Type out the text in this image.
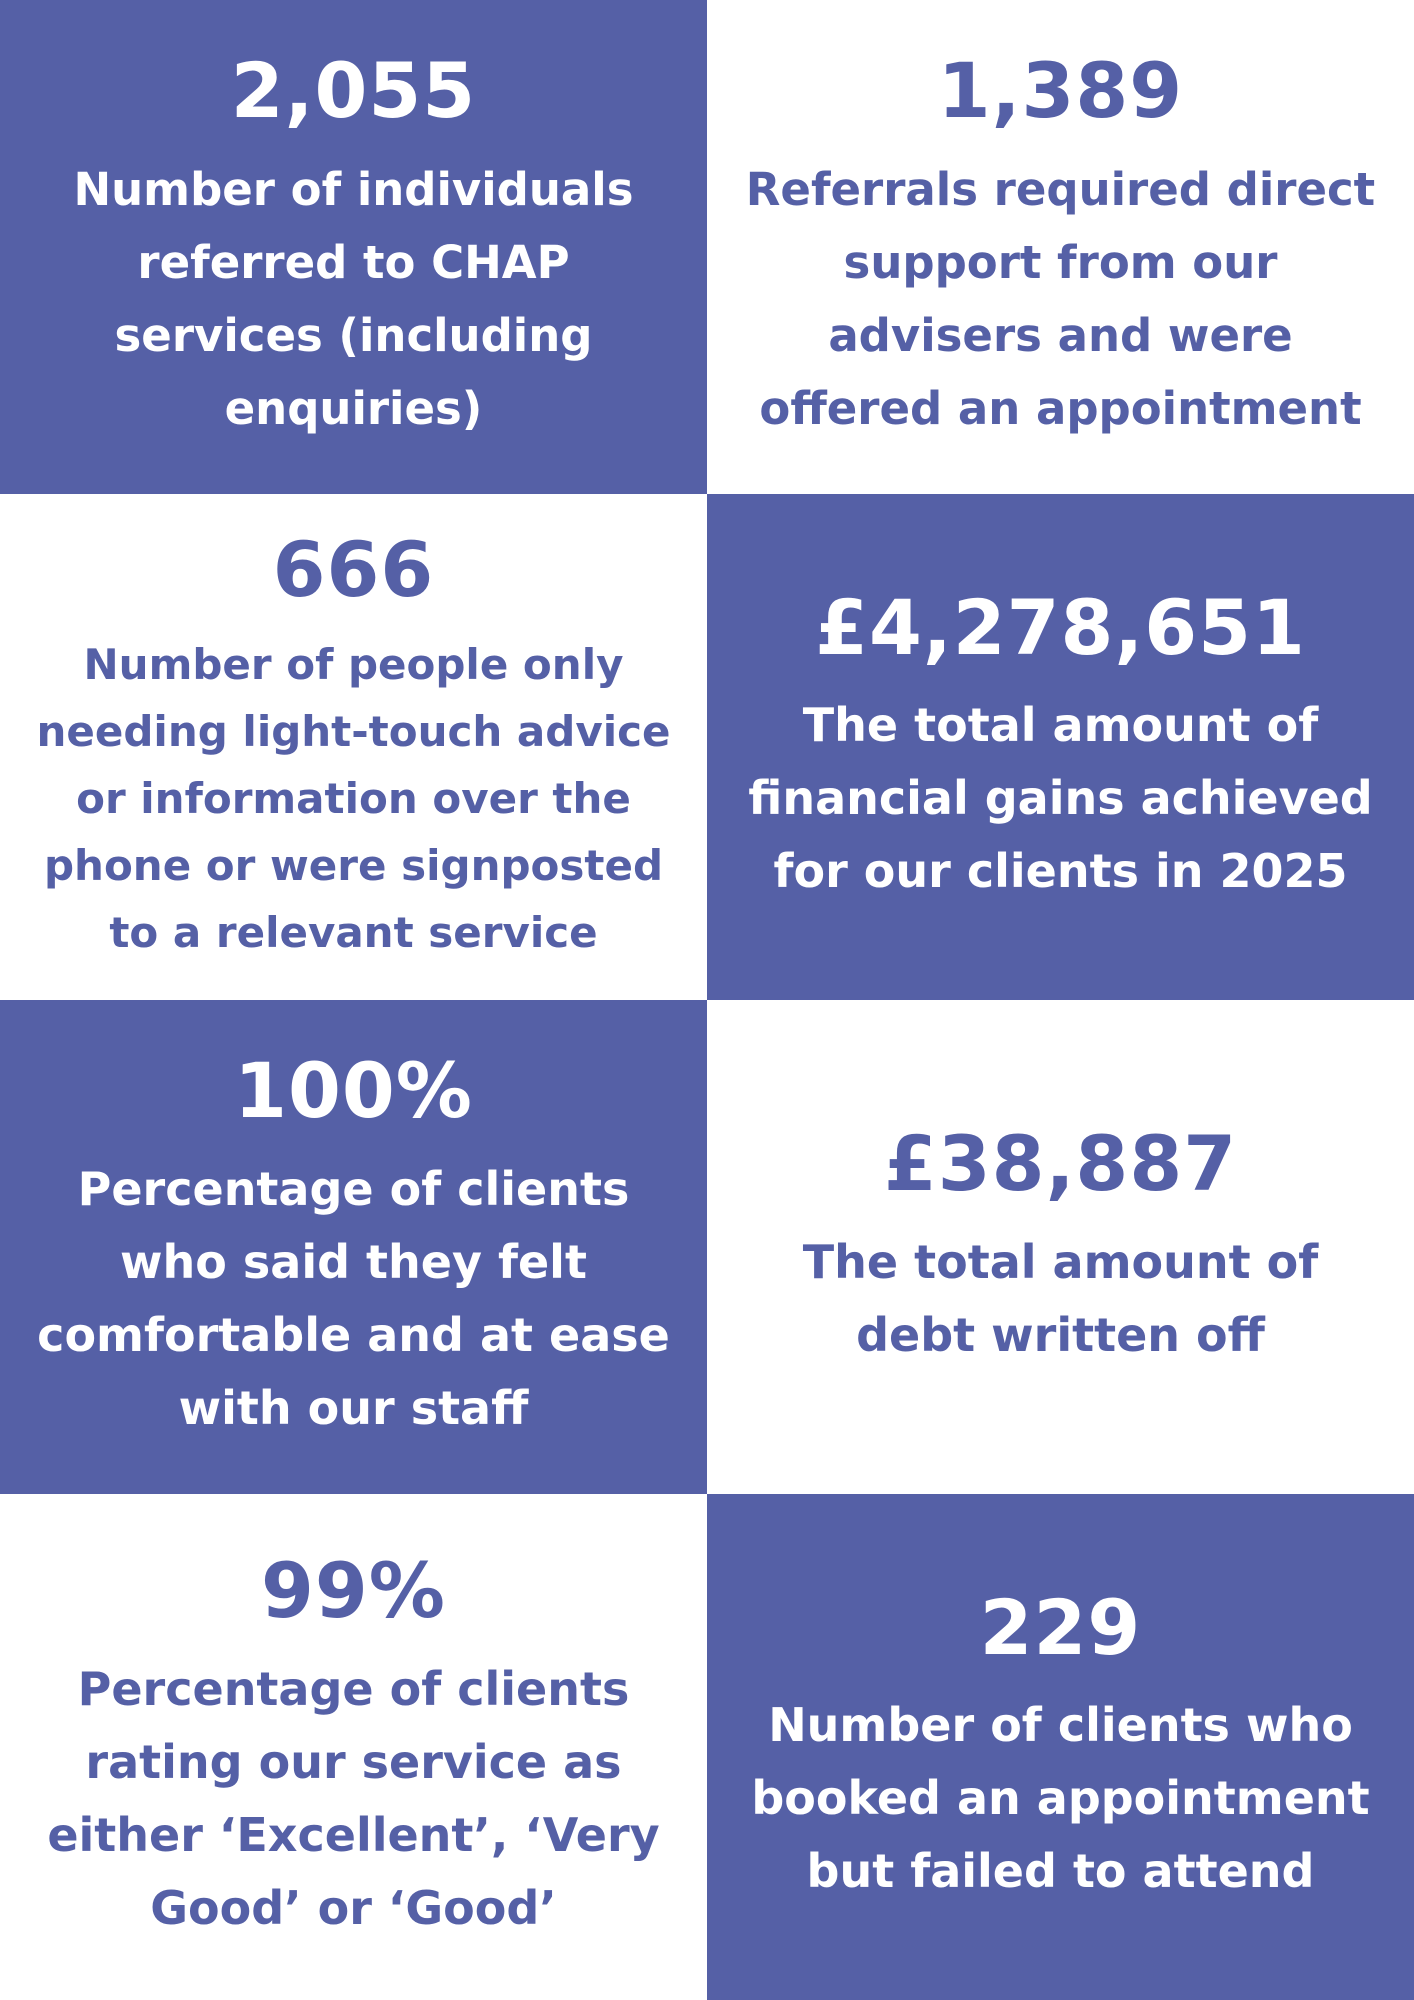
2,055
Number of individuals referred to CHAP services (including enquiries)
1,389
Referrals required direct support from our advisers and were offered an appointment
666
Number of people only needing light-touch advice or information over the phone or were signposted to a relevant service
£4,278,651
The total amount of financial gains achieved for our clients in 2025
100%
Percentage of clients who said they felt comfortable and at ease with our staff
£38,887
The total amount of debt written off
99%
Percentage of clients rating our service as either ‘Excellent’, ‘Very Good’ or ‘Good’
229
Number of clients who booked an appointment but failed to attend
